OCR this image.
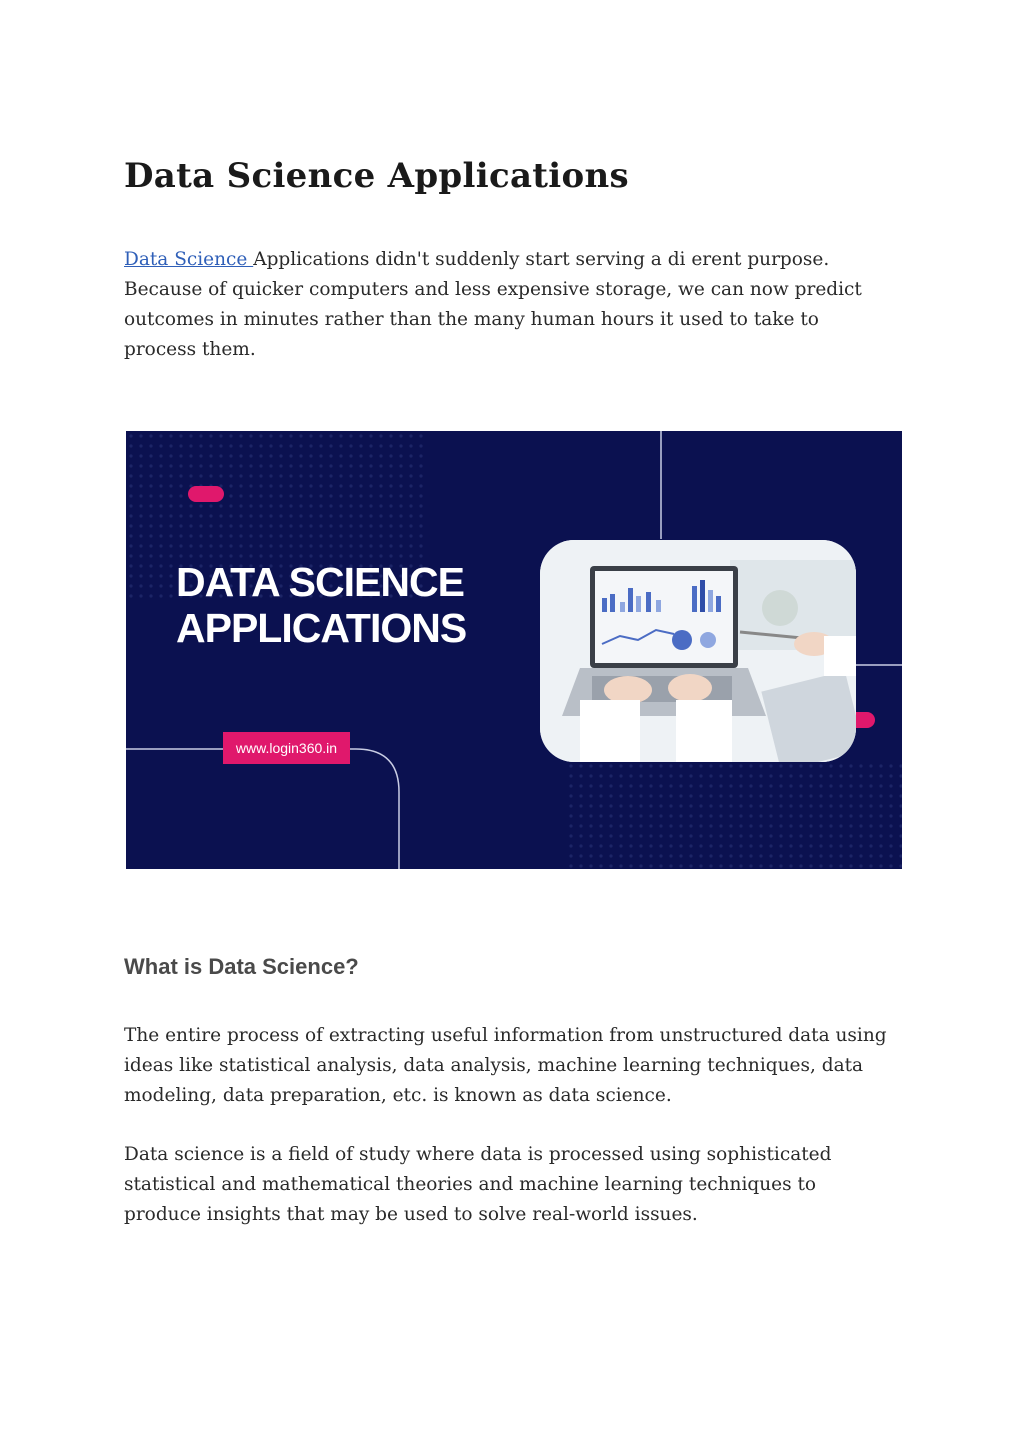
Data Science Applications

Data Science Applications didn't suddenly start serving a di erent purpose. Because of quicker computers and less expensive storage, we can now predict outcomes in minutes rather than the many human hours it used to take to process them.

DATA SCIENCE
APPLICATIONS
www.login360.in
What is Data Science?

The entire process of extracting useful information from unstructured data using ideas like statistical analysis, data analysis, machine learning techniques, data modeling, data preparation, etc. is known as data science.

Data science is a field of study where data is processed using sophisticated statistical and mathematical theories and machine learning techniques to produce insights that may be used to solve real-world issues.
